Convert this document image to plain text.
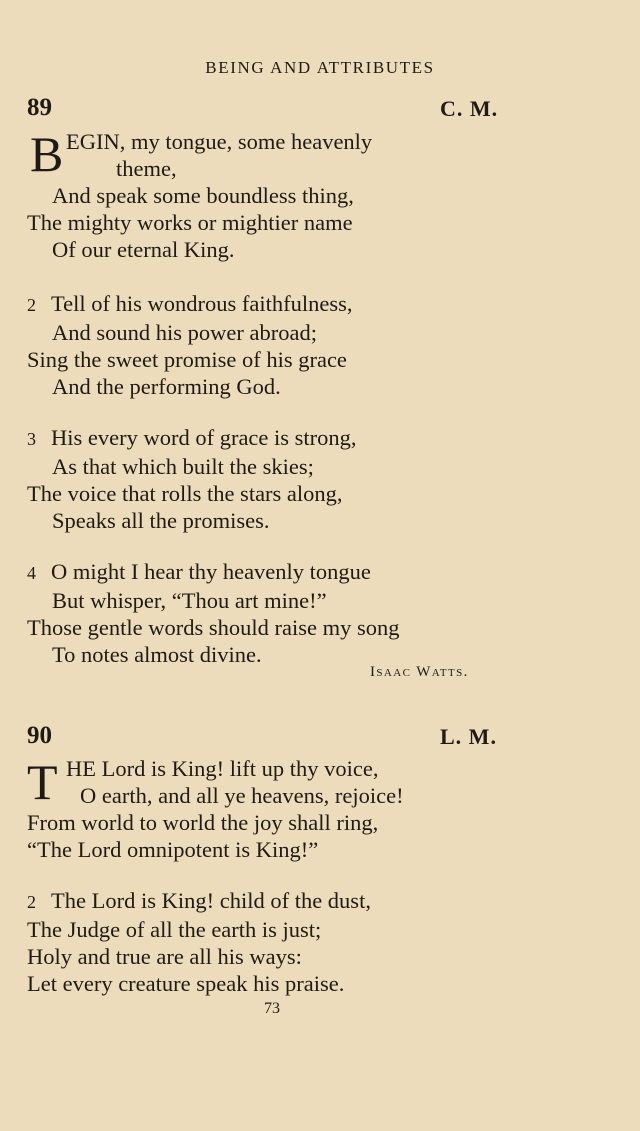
BEING AND ATTRIBUTES
89	C. M.
B EGIN, my tongue, some heavenly
theme,
And speak some boundless thing,
The mighty works or mightier name
Of our eternal King.
2 Tell of his wondrous faithfulness,
And sound his power abroad;
Sing the sweet promise of his grace
And the performing God.
3 His every word of grace is strong,
As that which built the skies;
The voice that rolls the stars along,
Speaks all the promises.
4 O might I hear thy heavenly tongue
But whisper, “Thou art mine!”
Those gentle words should raise my song
To notes almost divine.
Isaac Watts.
90	L. M.
T HE Lord is King! lift up thy voice,
O earth, and all ye heavens, rejoice!
From world to world the joy shall ring,
“The Lord omnipotent is King!”
2 The Lord is King! child of the dust,
The Judge of all the earth is just;
Holy and true are all his ways:
Let every creature speak his praise.
73
